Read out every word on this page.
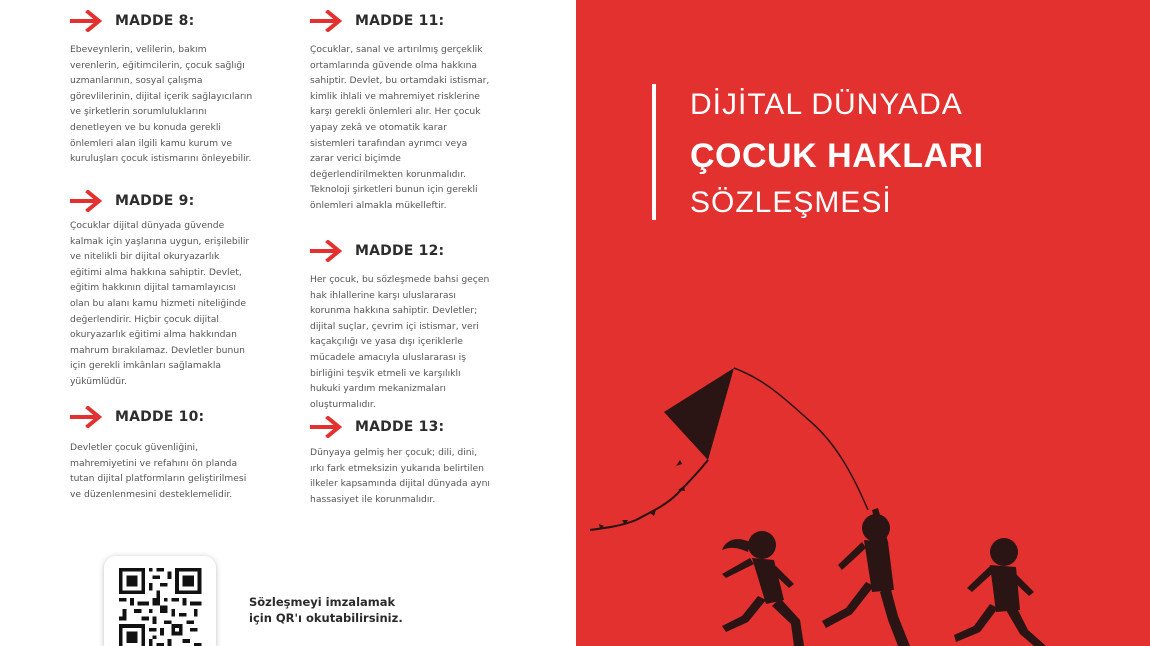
MADDE 8:
Ebeveynlerin, velilerin, bakım
verenlerin, eğitimcilerin, çocuk sağlığı
uzmanlarının, sosyal çalışma
görevlilerinin, dijital içerik sağlayıcıların
ve şirketlerin sorumluluklarını
denetleyen ve bu konuda gerekli
önlemleri alan ilgili kamu kurum ve
kuruluşları çocuk istismarını önleyebilir.
MADDE 9:
Çocuklar dijital dünyada güvende
kalmak için yaşlarına uygun, erişilebilir
ve nitelikli bir dijital okuryazarlık
eğitimi alma hakkına sahiptir. Devlet,
eğitim hakkının dijital tamamlayıcısı
olan bu alanı kamu hizmeti niteliğinde
değerlendirir. Hiçbir çocuk dijital
okuryazarlık eğitimi alma hakkından
mahrum bırakılamaz. Devletler bunun
için gerekli imkânları sağlamakla
yükümlüdür.
MADDE 10:
Devletler çocuk güvenliğini,
mahremiyetini ve refahını ön planda
tutan dijital platformların geliştirilmesi
ve düzenlenmesini desteklemelidir.
MADDE 11:
Çocuklar, sanal ve artırılmış gerçeklik
ortamlarında güvende olma hakkına
sahiptir. Devlet, bu ortamdaki istismar,
kimlik ihlali ve mahremiyet risklerine
karşı gerekli önlemleri alır. Her çocuk
yapay zekâ ve otomatik karar
sistemleri tarafından ayrımcı veya
zarar verici biçimde
değerlendirilmekten korunmalıdır.
Teknoloji şirketleri bunun için gerekli
önlemleri almakla mükelleftir.
MADDE 12:
Her çocuk, bu sözleşmede bahsi geçen
hak ihlallerine karşı uluslararası
korunma hakkına sahiptir. Devletler;
dijital suçlar, çevrim içi istismar, veri
kaçakçılığı ve yasa dışı içeriklerle
mücadele amacıyla uluslararası iş
birliğini teşvik etmeli ve karşılıklı
hukuki yardım mekanizmaları
oluşturmalıdır.
MADDE 13:
Dünyaya gelmiş her çocuk; dili, dini,
ırkı fark etmeksizin yukarıda belirtilen
ilkeler kapsamında dijital dünyada aynı
hassasiyet ile korunmalıdır.
Sözleşmeyi imzalamak
için QR'ı okutabilirsiniz.
DİJİTAL DÜNYADA
ÇOCUK HAKLARI
SÖZLEŞMESİ
